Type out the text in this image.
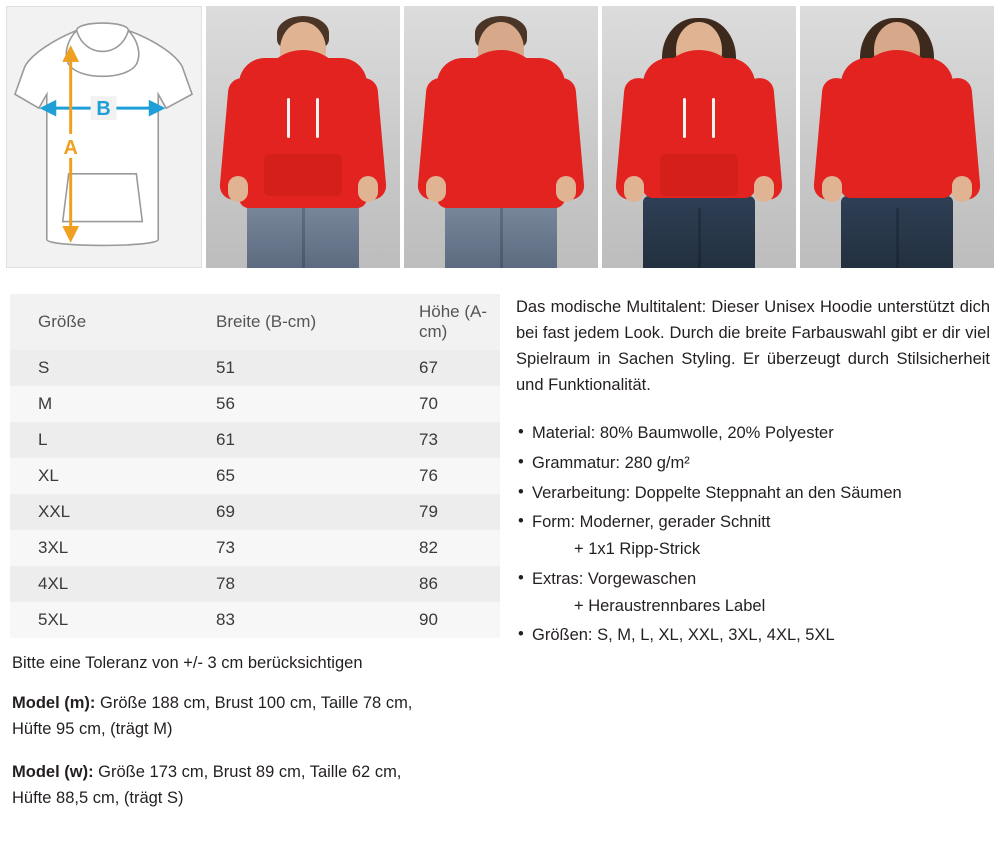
B
A
Größe	Breite (B-cm)	Höhe (A-cm)
S	51	67
M	56	70
L	61	73
XL	65	76
XXL	69	79
3XL	73	82
4XL	78	86
5XL	83	90
Bitte eine Toleranz von +/- 3 cm berücksichtigen
Model (m): Größe 188 cm, Brust 100 cm, Taille 78 cm,
Hüfte 95 cm, (trägt M)
Model (w): Größe 173 cm, Brust 89 cm, Taille 62 cm,
Hüfte 88,5 cm, (trägt S)

Das modische Multitalent: Dieser Unisex Hoodie unterstützt dich bei fast jedem Look. Durch die breite Farbauswahl gibt er dir viel Spielraum in Sachen Styling. Er überzeugt durch Stilsicherheit und Funktionalität.

• Material: 80% Baumwolle, 20% Polyester
• Grammatur: 280 g/m²
• Verarbeitung: Doppelte Steppnaht an den Säumen
• Form: Moderner, gerader Schnitt
+ 1x1 Ripp-Strick
• Extras: Vorgewaschen
+ Heraustrennbares Label
• Größen: S, M, L, XL, XXL, 3XL, 4XL, 5XL
